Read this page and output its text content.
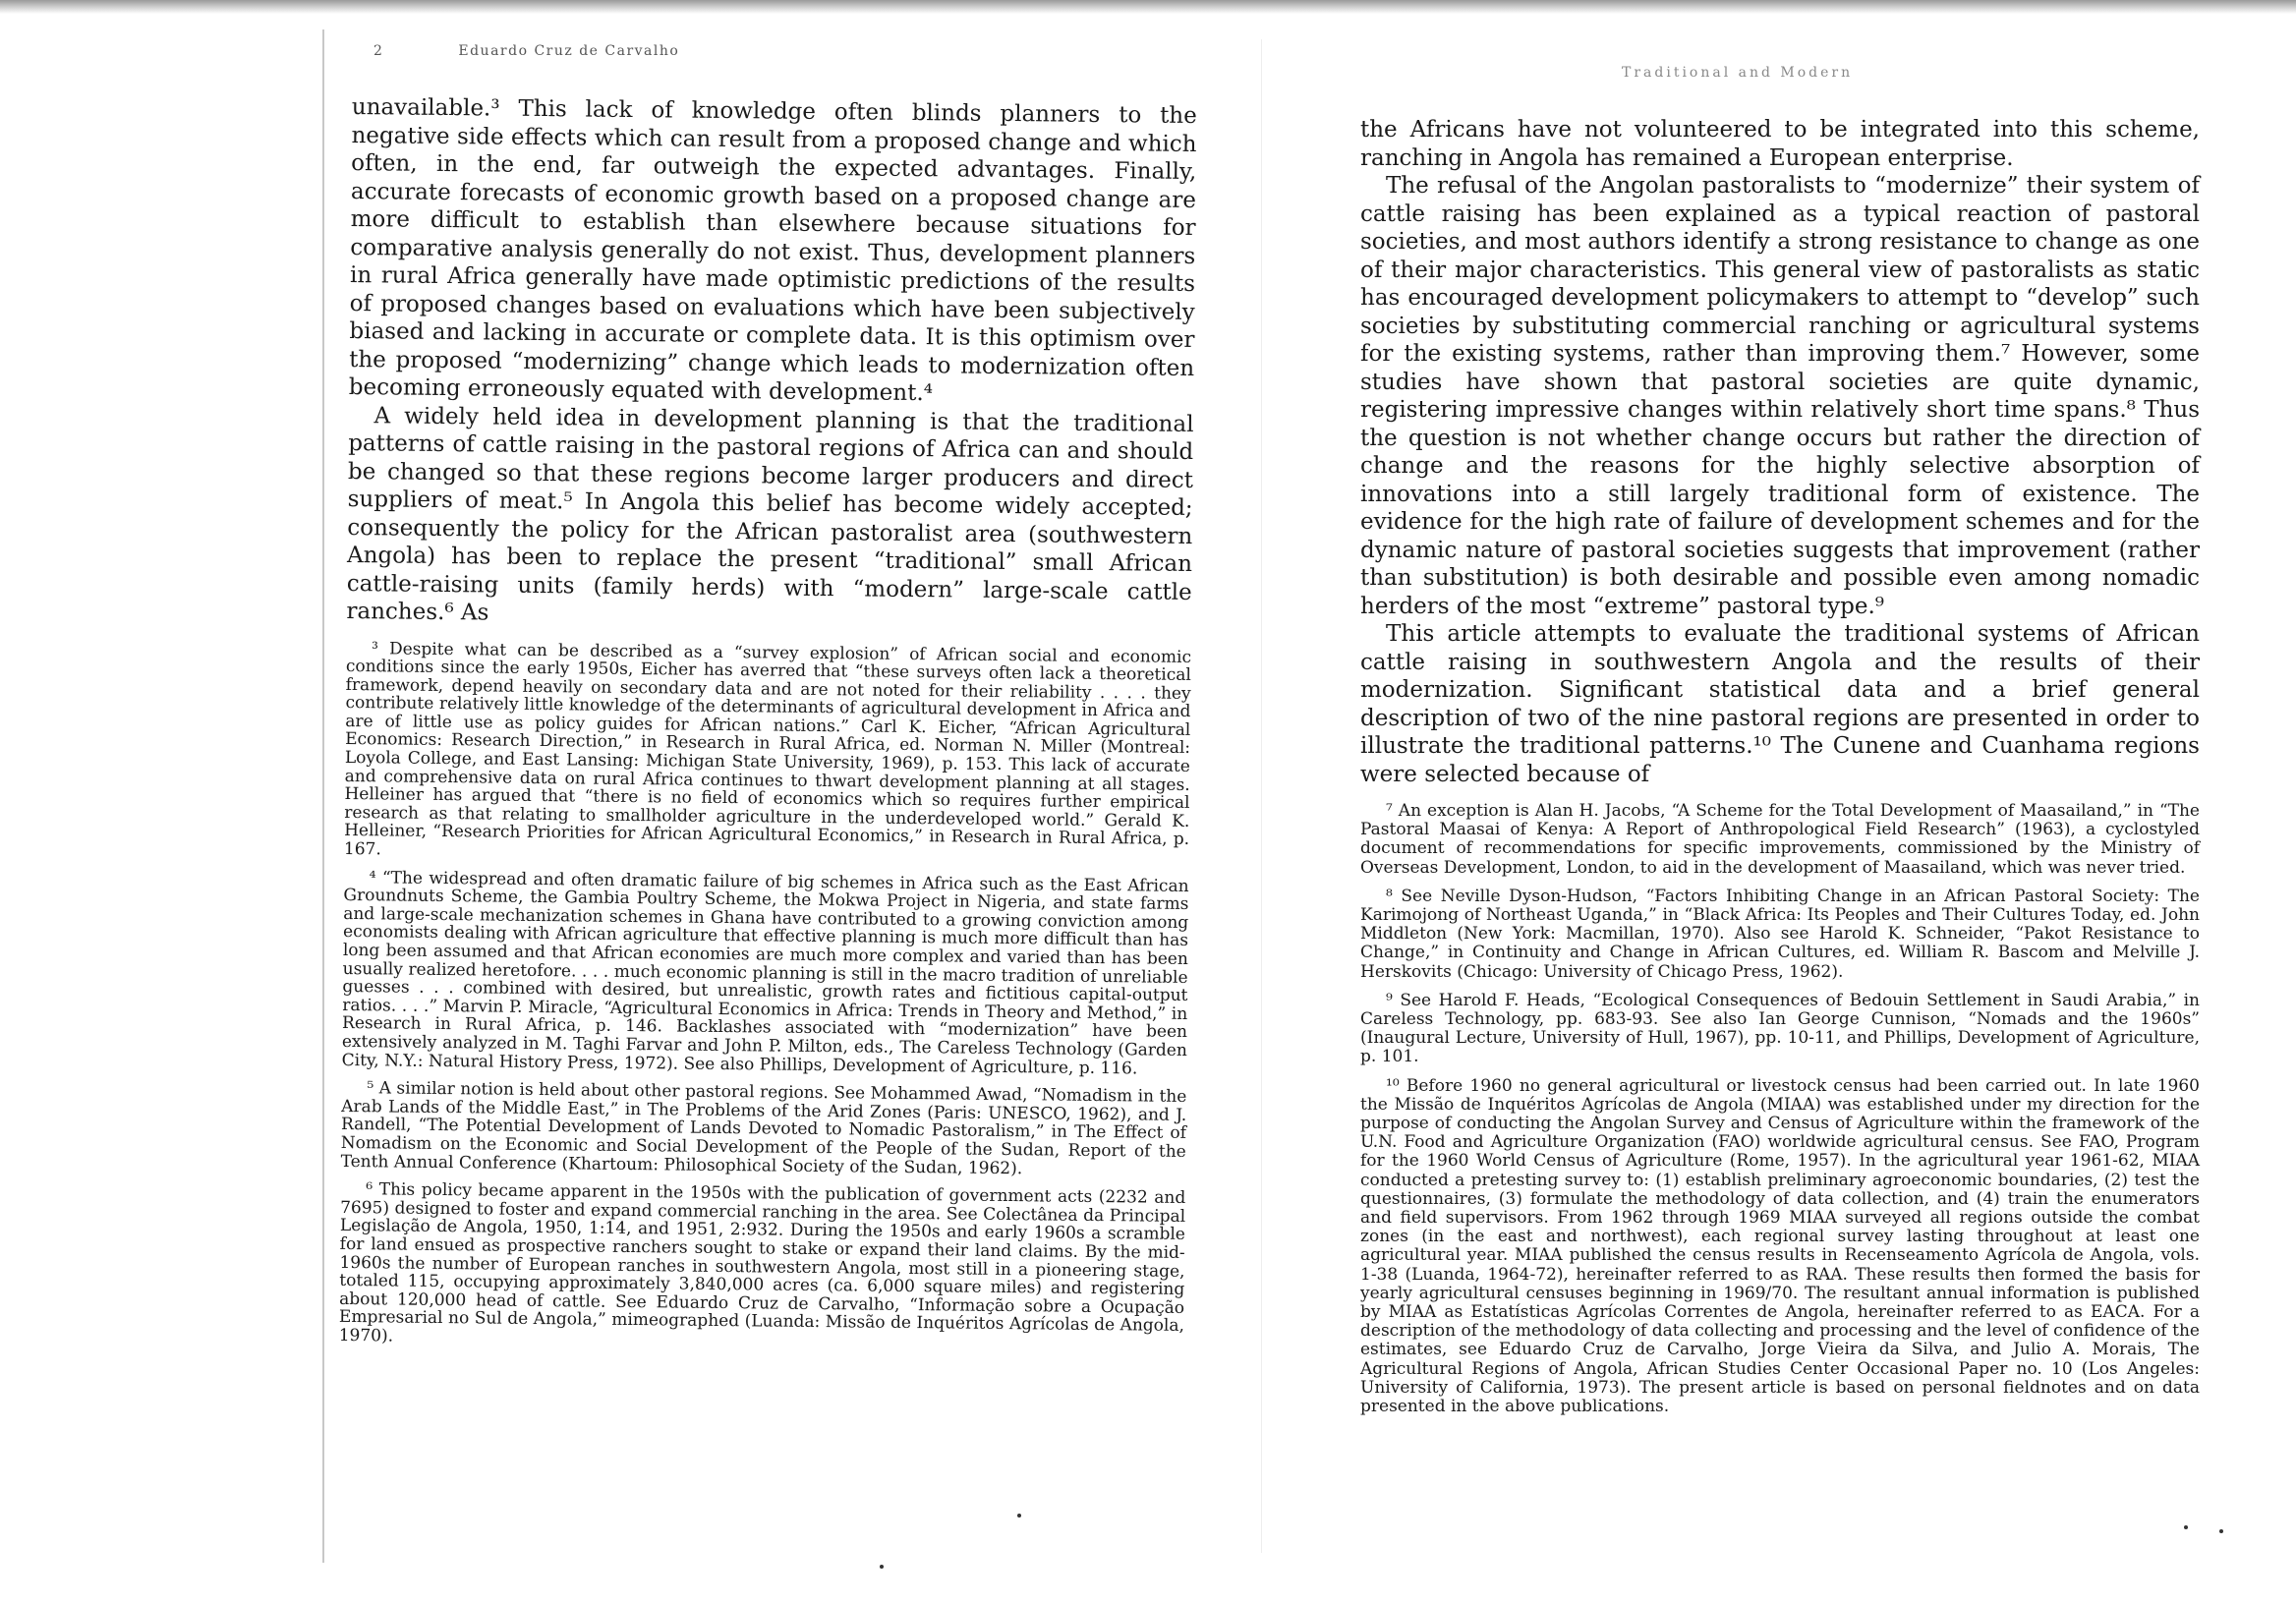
2	Eduardo Cruz de Carvalho
Traditional and Modern

unavailable.³ This lack of knowledge often blinds planners to the negative side effects which can result from a proposed change and which often, in the end, far outweigh the expected advantages. Finally, accurate forecasts of economic growth based on a proposed change are more difficult to establish than elsewhere because situations for comparative analysis generally do not exist. Thus, development planners in rural Africa generally have made optimistic predictions of the results of proposed changes based on evaluations which have been subjectively biased and lacking in accurate or complete data. It is this optimism over the proposed “modernizing” change which leads to modernization often becoming erroneously equated with development.⁴

A widely held idea in development planning is that the traditional patterns of cattle raising in the pastoral regions of Africa can and should be changed so that these regions become larger producers and direct suppliers of meat.⁵ In Angola this belief has become widely accepted; consequently the policy for the African pastoralist area (southwestern Angola) has been to replace the present “traditional” small African cattle-raising units (family herds) with “modern” large-scale cattle ranches.⁶ As

³ Despite what can be described as a “survey explosion” of African social and economic conditions since the early 1950s, Eicher has averred that “these surveys often lack a theoretical framework, depend heavily on secondary data and are not noted for their reliability . . . . they contribute relatively little knowledge of the determinants of agricultural development in Africa and are of little use as policy guides for African nations.” Carl K. Eicher, “African Agricultural Economics: Research Direction,” in Research in Rural Africa, ed. Norman N. Miller (Montreal: Loyola College, and East Lansing: Michigan State University, 1969), p. 153. This lack of accurate and comprehensive data on rural Africa continues to thwart development planning at all stages. Helleiner has argued that “there is no field of economics which so requires further empirical research as that relating to smallholder agriculture in the underdeveloped world.” Gerald K. Helleiner, “Research Priorities for African Agricultural Economics,” in Research in Rural Africa, p. 167.

⁴ “The widespread and often dramatic failure of big schemes in Africa such as the East African Groundnuts Scheme, the Gambia Poultry Scheme, the Mokwa Project in Nigeria, and state farms and large-scale mechanization schemes in Ghana have contributed to a growing conviction among economists dealing with African agriculture that effective planning is much more difficult than has long been assumed and that African economies are much more complex and varied than has been usually realized heretofore. . . . much economic planning is still in the macro tradition of unreliable guesses . . . combined with desired, but unrealistic, growth rates and fictitious capital-output ratios. . . .” Marvin P. Miracle, “Agricultural Economics in Africa: Trends in Theory and Method,” in Research in Rural Africa, p. 146. Backlashes associated with “modernization” have been extensively analyzed in M. Taghi Farvar and John P. Milton, eds., The Careless Technology (Garden City, N.Y.: Natural History Press, 1972). See also Phillips, Development of Agriculture, p. 116.

⁵ A similar notion is held about other pastoral regions. See Mohammed Awad, “Nomadism in the Arab Lands of the Middle East,” in The Problems of the Arid Zones (Paris: UNESCO, 1962), and J. Randell, “The Potential Development of Lands Devoted to Nomadic Pastoralism,” in The Effect of Nomadism on the Economic and Social Development of the People of the Sudan, Report of the Tenth Annual Conference (Khartoum: Philosophical Society of the Sudan, 1962).

⁶ This policy became apparent in the 1950s with the publication of government acts (2232 and 7695) designed to foster and expand commercial ranching in the area. See Colectânea da Principal Legislação de Angola, 1950, 1:14, and 1951, 2:932. During the 1950s and early 1960s a scramble for land ensued as prospective ranchers sought to stake or expand their land claims. By the mid-1960s the number of European ranches in southwestern Angola, most still in a pioneering stage, totaled 115, occupying approximately 3,840,000 acres (ca. 6,000 square miles) and registering about 120,000 head of cattle. See Eduardo Cruz de Carvalho, “Informação sobre a Ocupação Empresarial no Sul de Angola,” mimeographed (Luanda: Missão de Inquéritos Agrícolas de Angola, 1970).

the Africans have not volunteered to be integrated into this scheme, ranching in Angola has remained a European enterprise.

The refusal of the Angolan pastoralists to “modernize” their system of cattle raising has been explained as a typical reaction of pastoral societies, and most authors identify a strong resistance to change as one of their major characteristics. This general view of pastoralists as static has encouraged development policymakers to attempt to “develop” such societies by substituting commercial ranching or agricultural systems for the existing systems, rather than improving them.⁷ However, some studies have shown that pastoral societies are quite dynamic, registering impressive changes within relatively short time spans.⁸ Thus the question is not whether change occurs but rather the direction of change and the reasons for the highly selective absorption of innovations into a still largely traditional form of existence. The evidence for the high rate of failure of development schemes and for the dynamic nature of pastoral societies suggests that improvement (rather than substitution) is both desirable and possible even among nomadic herders of the most “extreme” pastoral type.⁹

This article attempts to evaluate the traditional systems of African cattle raising in southwestern Angola and the results of their modernization. Significant statistical data and a brief general description of two of the nine pastoral regions are presented in order to illustrate the traditional patterns.¹⁰ The Cunene and Cuanhama regions were selected because of

⁷ An exception is Alan H. Jacobs, “A Scheme for the Total Development of Maasailand,” in “The Pastoral Maasai of Kenya: A Report of Anthropological Field Research” (1963), a cyclostyled document of recommendations for specific improvements, commissioned by the Ministry of Overseas Development, London, to aid in the development of Maasailand, which was never tried.

⁸ See Neville Dyson-Hudson, “Factors Inhibiting Change in an African Pastoral Society: The Karimojong of Northeast Uganda,” in “Black Africa: Its Peoples and Their Cultures Today, ed. John Middleton (New York: Macmillan, 1970). Also see Harold K. Schneider, “Pakot Resistance to Change,” in Continuity and Change in African Cultures, ed. William R. Bascom and Melville J. Herskovits (Chicago: University of Chicago Press, 1962).

⁹ See Harold F. Heads, “Ecological Consequences of Bedouin Settlement in Saudi Arabia,” in Careless Technology, pp. 683-93. See also Ian George Cunnison, “Nomads and the 1960s” (Inaugural Lecture, University of Hull, 1967), pp. 10-11, and Phillips, Development of Agriculture, p. 101.

¹⁰ Before 1960 no general agricultural or livestock census had been carried out. In late 1960 the Missão de Inquéritos Agrícolas de Angola (MIAA) was established under my direction for the purpose of conducting the Angolan Survey and Census of Agriculture within the framework of the U.N. Food and Agriculture Organization (FAO) worldwide agricultural census. See FAO, Program for the 1960 World Census of Agriculture (Rome, 1957). In the agricultural year 1961-62, MIAA conducted a pretesting survey to: (1) establish preliminary agroeconomic boundaries, (2) test the questionnaires, (3) formulate the methodology of data collection, and (4) train the enumerators and field supervisors. From 1962 through 1969 MIAA surveyed all regions outside the combat zones (in the east and northwest), each regional survey lasting throughout at least one agricultural year. MIAA published the census results in Recenseamento Agrícola de Angola, vols. 1-38 (Luanda, 1964-72), hereinafter referred to as RAA. These results then formed the basis for yearly agricultural censuses beginning in 1969/70. The resultant annual information is published by MIAA as Estatísticas Agrícolas Correntes de Angola, hereinafter referred to as EACA. For a description of the methodology of data collecting and processing and the level of confidence of the estimates, see Eduardo Cruz de Carvalho, Jorge Vieira da Silva, and Julio A. Morais, The Agricultural Regions of Angola, African Studies Center Occasional Paper no. 10 (Los Angeles: University of California, 1973). The present article is based on personal fieldnotes and on data presented in the above publications.
